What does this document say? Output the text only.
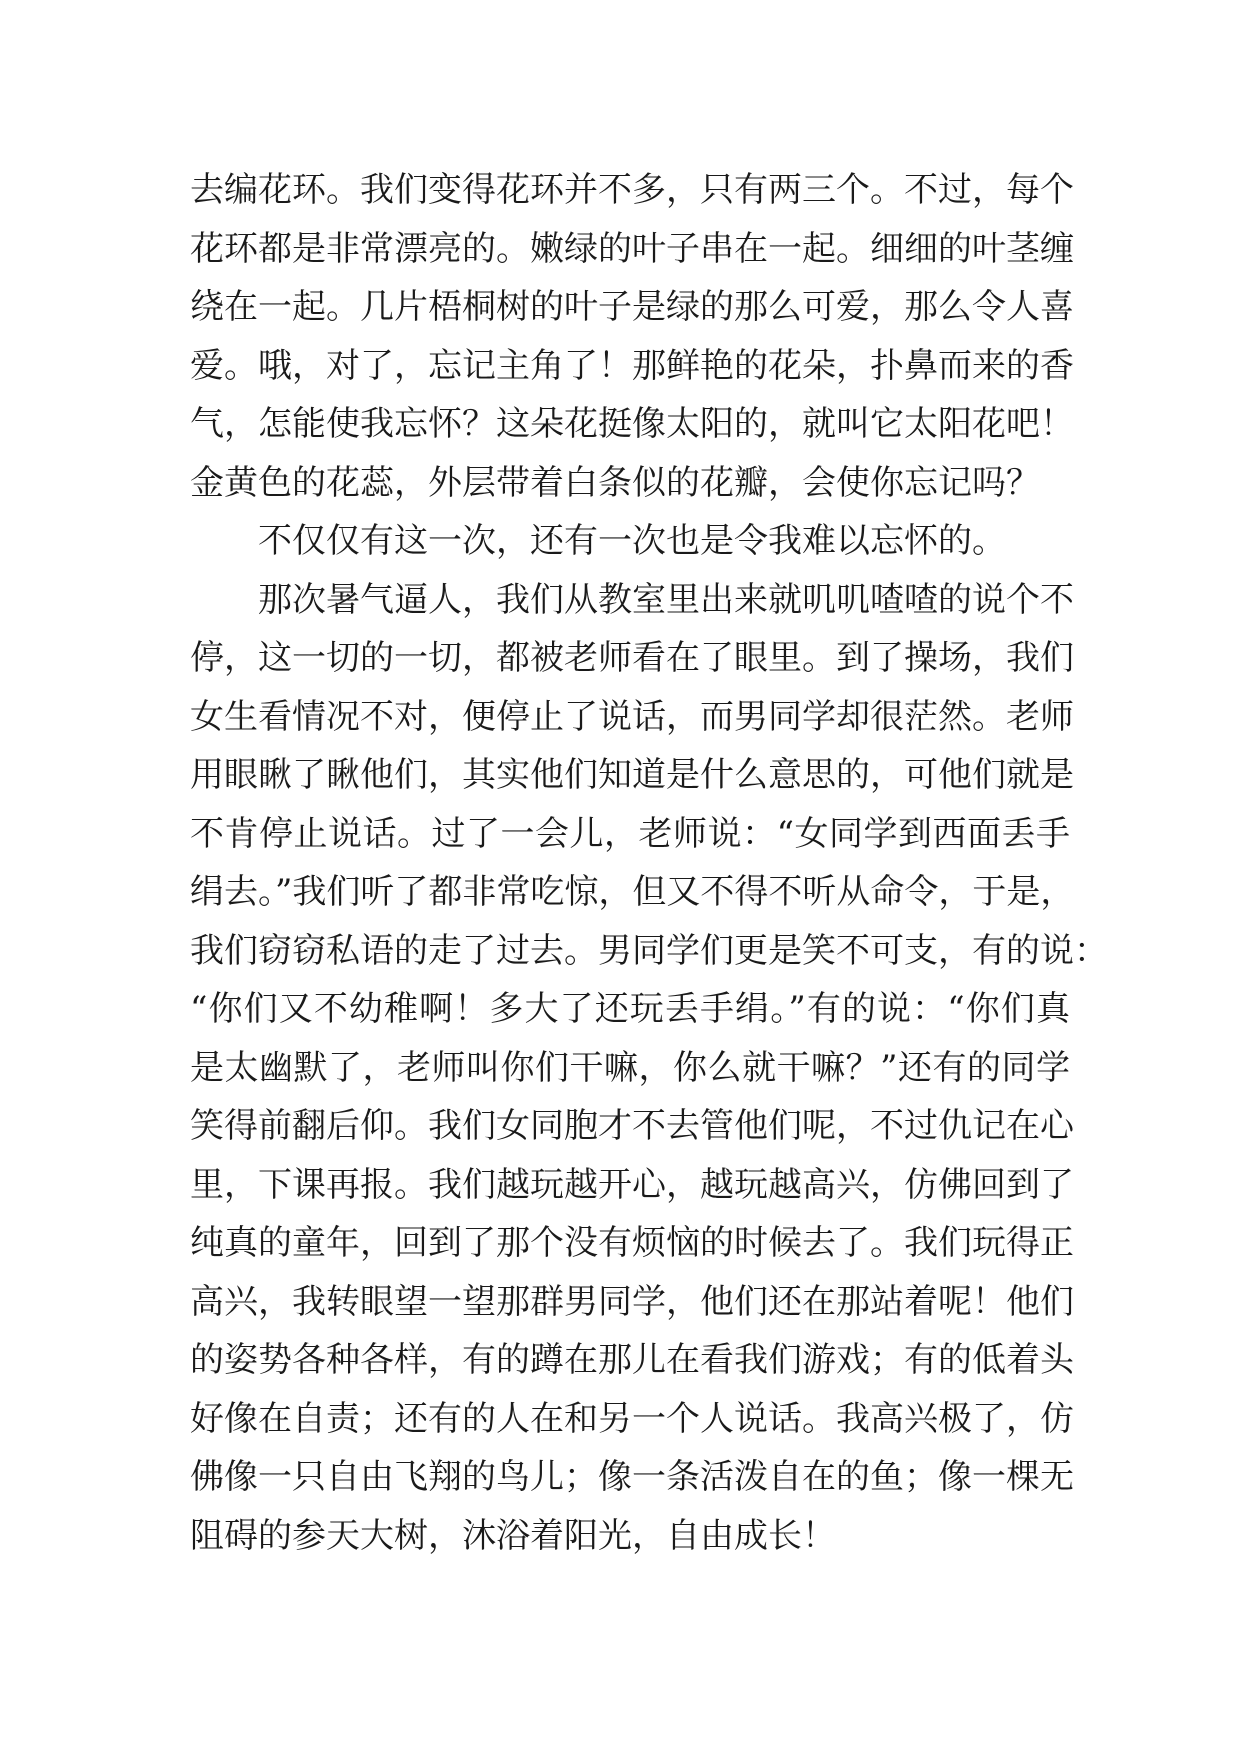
去编花环。我们变得花环并不多，只有两三个。不过，每个
花环都是非常漂亮的。嫩绿的叶子串在一起。细细的叶茎缠
绕在一起。几片梧桐树的叶子是绿的那么可爱，那么令人喜
爱。哦，对了，忘记主角了！那鲜艳的花朵，扑鼻而来的香
气，怎能使我忘怀？这朵花挺像太阳的，就叫它太阳花吧！
金黄色的花蕊，外层带着白条似的花瓣，会使你忘记吗？
不仅仅有这一次，还有一次也是令我难以忘怀的。
那次暑气逼人，我们从教室里出来就叽叽喳喳的说个不
停，这一切的一切，都被老师看在了眼里。到了操场，我们
女生看情况不对，便停止了说话，而男同学却很茫然。老师
用眼瞅了瞅他们，其实他们知道是什么意思的，可他们就是
不肯停止说话。过了一会儿，老师说：“女同学到西面丢手
绢去。”我们听了都非常吃惊，但又不得不听从命令，于是，
我们窃窃私语的走了过去。男同学们更是笑不可支，有的说：
“你们又不幼稚啊！多大了还玩丢手绢。”有的说：“你们真
是太幽默了，老师叫你们干嘛，你么就干嘛？”还有的同学
笑得前翻后仰。我们女同胞才不去管他们呢，不过仇记在心
里，下课再报。我们越玩越开心，越玩越高兴，仿佛回到了
纯真的童年，回到了那个没有烦恼的时候去了。我们玩得正
高兴，我转眼望一望那群男同学，他们还在那站着呢！他们
的姿势各种各样，有的蹲在那儿在看我们游戏；有的低着头
好像在自责；还有的人在和另一个人说话。我高兴极了，仿
佛像一只自由飞翔的鸟儿；像一条活泼自在的鱼；像一棵无
阻碍的参天大树，沐浴着阳光，自由成长！
